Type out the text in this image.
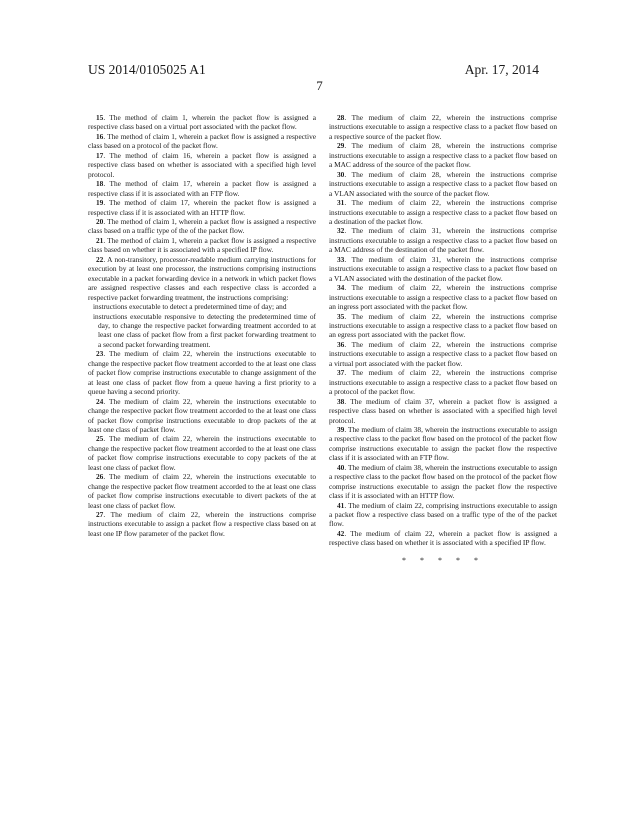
US 2014/0105025 A1	Apr. 17, 2014
7

15. The method of claim 1, wherein the packet flow is assigned a respective class based on a virtual port associated with the packet flow.

16. The method of claim 1, wherein a packet flow is assigned a respective class based on a protocol of the packet flow.

17. The method of claim 16, wherein a packet flow is assigned a respective class based on whether is associated with a specified high level protocol.

18. The method of claim 17, wherein a packet flow is assigned a respective class if it is associated with an FTP flow.

19. The method of claim 17, wherein the packet flow is assigned a respective class if it is associated with an HTTP flow.

20. The method of claim 1, wherein a packet flow is assigned a respective class based on a traffic type of the of the packet flow.

21. The method of claim 1, wherein a packet flow is assigned a respective class based on whether it is associated with a specified IP flow.

22. A non-transitory, processor-readable medium carrying instructions for execution by at least one processor, the instructions comprising instructions executable in a packet forwarding device in a network in which packet flows are assigned respective classes and each respective class is accorded a respective packet forwarding treatment, the instructions comprising:

instructions executable to detect a predetermined time of day; and

instructions executable responsive to detecting the predetermined time of day, to change the respective packet forwarding treatment accorded to at least one class of packet flow from a first packet forwarding treatment to a second packet forwarding treatment.

23. The medium of claim 22, wherein the instructions executable to change the respective packet flow treatment accorded to the at least one class of packet flow comprise instructions executable to change assignment of the at least one class of packet flow from a queue having a first priority to a queue having a second priority.

24. The medium of claim 22, wherein the instructions executable to change the respective packet flow treatment accorded to the at least one class of packet flow comprise instructions executable to drop packets of the at least one class of packet flow.

25. The medium of claim 22, wherein the instructions executable to change the respective packet flow treatment accorded to the at least one class of packet flow comprise instructions executable to copy packets of the at least one class of packet flow.

26. The medium of claim 22, wherein the instructions executable to change the respective packet flow treatment accorded to the at least one class of packet flow comprise instructions executable to divert packets of the at least one class of packet flow.

27. The medium of claim 22, wherein the instructions comprise instructions executable to assign a packet flow a respective class based on at least one IP flow parameter of the packet flow.

28. The medium of claim 22, wherein the instructions comprise instructions executable to assign a respective class to a packet flow based on a respective source of the packet flow.

29. The medium of claim 28, wherein the instructions comprise instructions executable to assign a respective class to a packet flow based on a MAC address of the source of the packet flow.

30. The medium of claim 28, wherein the instructions comprise instructions executable to assign a respective class to a packet flow based on a VLAN associated with the source of the packet flow.

31. The medium of claim 22, wherein the instructions comprise instructions executable to assign a respective class to a packet flow based on a destination of the packet flow.

32. The medium of claim 31, wherein the instructions comprise instructions executable to assign a respective class to a packet flow based on a MAC address of the destination of the packet flow.

33. The medium of claim 31, wherein the instructions comprise instructions executable to assign a respective class to a packet flow based on a VLAN associated with the destination of the packet flow.

34. The medium of claim 22, wherein the instructions comprise instructions executable to assign a respective class to a packet flow based on an ingress port associated with the packet flow.

35. The medium of claim 22, wherein the instructions comprise instructions executable to assign a respective class to a packet flow based on an egress port associated with the packet flow.

36. The medium of claim 22, wherein the instructions comprise instructions executable to assign a respective class to a packet flow based on a virtual port associated with the packet flow.

37. The medium of claim 22, wherein the instructions comprise instructions executable to assign a respective class to a packet flow based on a protocol of the packet flow.

38. The medium of claim 37, wherein a packet flow is assigned a respective class based on whether is associated with a specified high level protocol.

39. The medium of claim 38, wherein the instructions executable to assign a respective class to the packet flow based on the protocol of the packet flow comprise instructions executable to assign the packet flow the respective class if it is associated with an FTP flow.

40. The medium of claim 38, wherein the instructions executable to assign a respective class to the packet flow based on the protocol of the packet flow comprise instructions executable to assign the packet flow the respective class if it is associated with an HTTP flow.

41. The medium of claim 22, comprising instructions executable to assign a packet flow a respective class based on a traffic type of the of the packet flow.

42. The medium of claim 22, wherein a packet flow is assigned a respective class based on whether it is associated with a specified IP flow.

* * * * *
